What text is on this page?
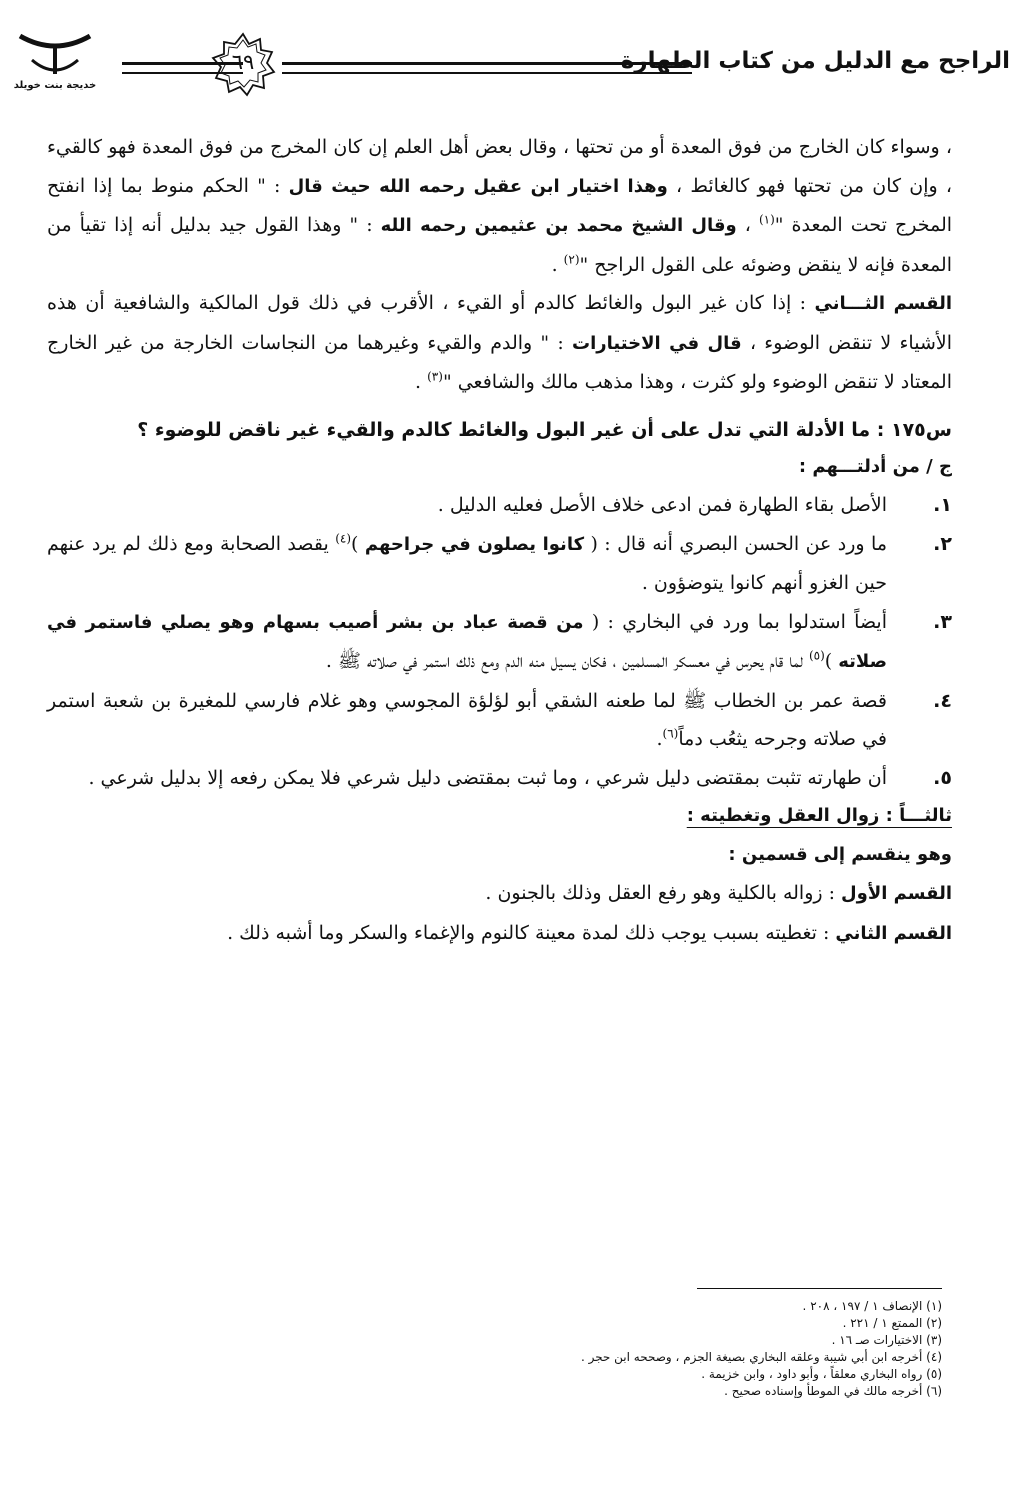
الراجح مع الدليل من كتاب الطهارة
٦٩
خديجة بنت خويلد

، وسواء كان الخارج من فوق المعدة أو من تحتها ، وقال بعض أهل العلم إن كان المخرج من فوق المعدة فهو كالقيء ، وإن كان من تحتها فهو كالغائط ، وهذا اختيار ابن عقيل رحمه الله حيث قال : " الحكم منوط بما إذا انفتح المخرج تحت المعدة "$^{(١)}$ ، وقال الشيخ محمد بن عثيمين رحمه الله : " وهذا القول جيد بدليل أنه إذا تقيأ من المعدة فإنه لا ينقض وضوئه على القول الراجح "$^{(٢)}$ .

القسم الثـــاني : إذا كان غير البول والغائط كالدم أو القيء ، الأقرب في ذلك قول المالكية والشافعية أن هذه الأشياء لا تنقض الوضوء ، قال في الاختيارات : " والدم والقيء وغيرهما من النجاسات الخارجة من غير الخارج المعتاد لا تنقض الوضوء ولو كثرت ، وهذا مذهب مالك والشافعي "$^{(٣)}$ .

س١٧٥ : ما الأدلة التي تدل على أن غير البول والغائط كالدم والقيء غير ناقض للوضوء ؟

ج / من أدلتـــهم :

١.
الأصل بقاء الطهارة فمن ادعى خلاف الأصل فعليه الدليل .

٢.
ما ورد عن الحسن البصري أنه قال : ( كانوا يصلون في جراحهم )$^{(٤)}$ يقصد الصحابة ومع ذلك لم يرد عنهم حين الغزو أنهم كانوا يتوضؤون .

٣.
أيضاً استدلوا بما ورد في البخاري : ( من قصة عباد بن بشر أصيب بسهام وهو يصلي فاستمر في صلاته )$^{(٥)}$ لما قام يحرس في معسكر المسلمين ، فكان يسيل منه الدم ومع ذلك استمر في صلاته ﷺ .

٤.
قصة عمر بن الخطاب ﷺ لما طعنه الشقي أبو لؤلؤة المجوسي وهو غلام فارسي للمغيرة بن شعبة استمر في صلاته وجرحه يثعُب دماً$^{(٦)}$.

٥.
أن طهارته تثبت بمقتضى دليل شرعي ، وما ثبت بمقتضى دليل شرعي فلا يمكن رفعه إلا بدليل شرعي .

ثالثـــاً : زوال العقل وتغطيته :

وهو ينقسم إلى قسمين :

القسم الأول : زواله بالكلية وهو رفع العقل وذلك بالجنون .

القسم الثاني : تغطيته بسبب يوجب ذلك لمدة معينة كالنوم والإغماء والسكر وما أشبه ذلك .

(١) الإنصاف ١ / ١٩٧ ، ٢٠٨ .
(٢) الممتع ١ / ٢٢١ .
(٣) الاختيارات صـ ١٦ .
(٤) أخرجه ابن أبي شيبة وعلقه البخاري بصيغة الجزم ، وصححه ابن حجر .
(٥) رواه البخاري معلقاً ، وأبو داود ، وابن خزيمة .
(٦) أخرجه مالك في الموطأ وإسناده صحيح .
